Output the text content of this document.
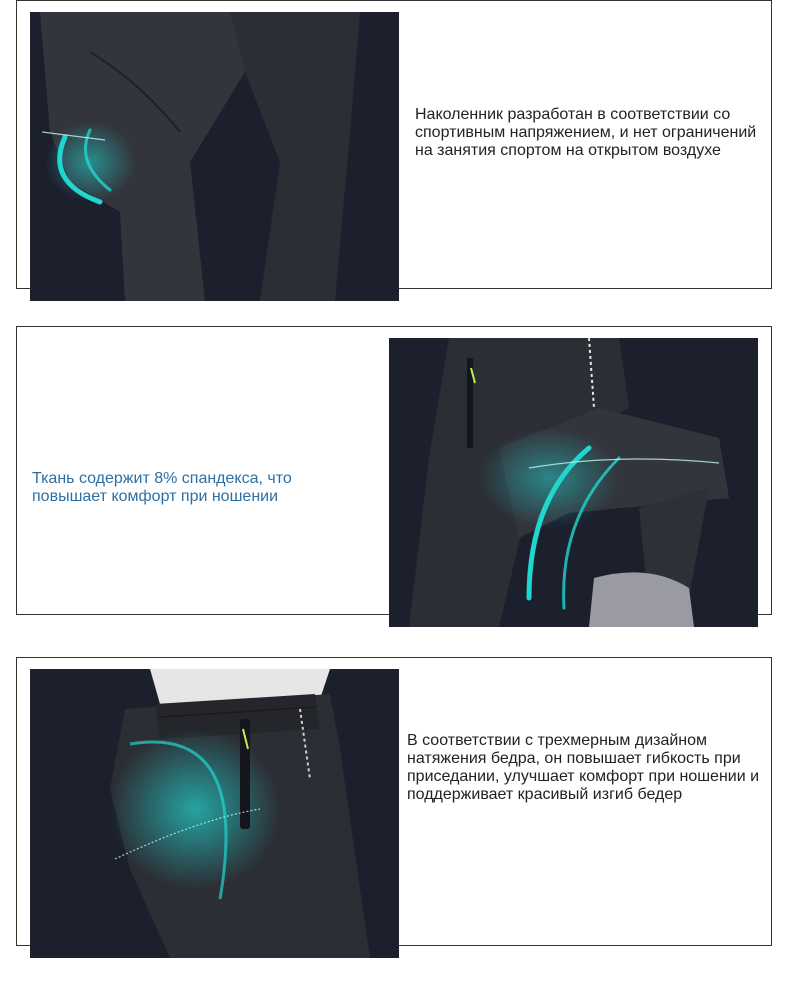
Наколенник разработан в соответствии со спортивным напряжением, и нет ограничений на занятия спортом на открытом воздухе

Ткань содержит 8% спандекса, что повышает комфорт при ношении

В соответствии с трехмерным дизайном натяжения бедра, он повышает гибкость при приседании, улучшает комфорт при ношении и поддерживает красивый изгиб бедер
